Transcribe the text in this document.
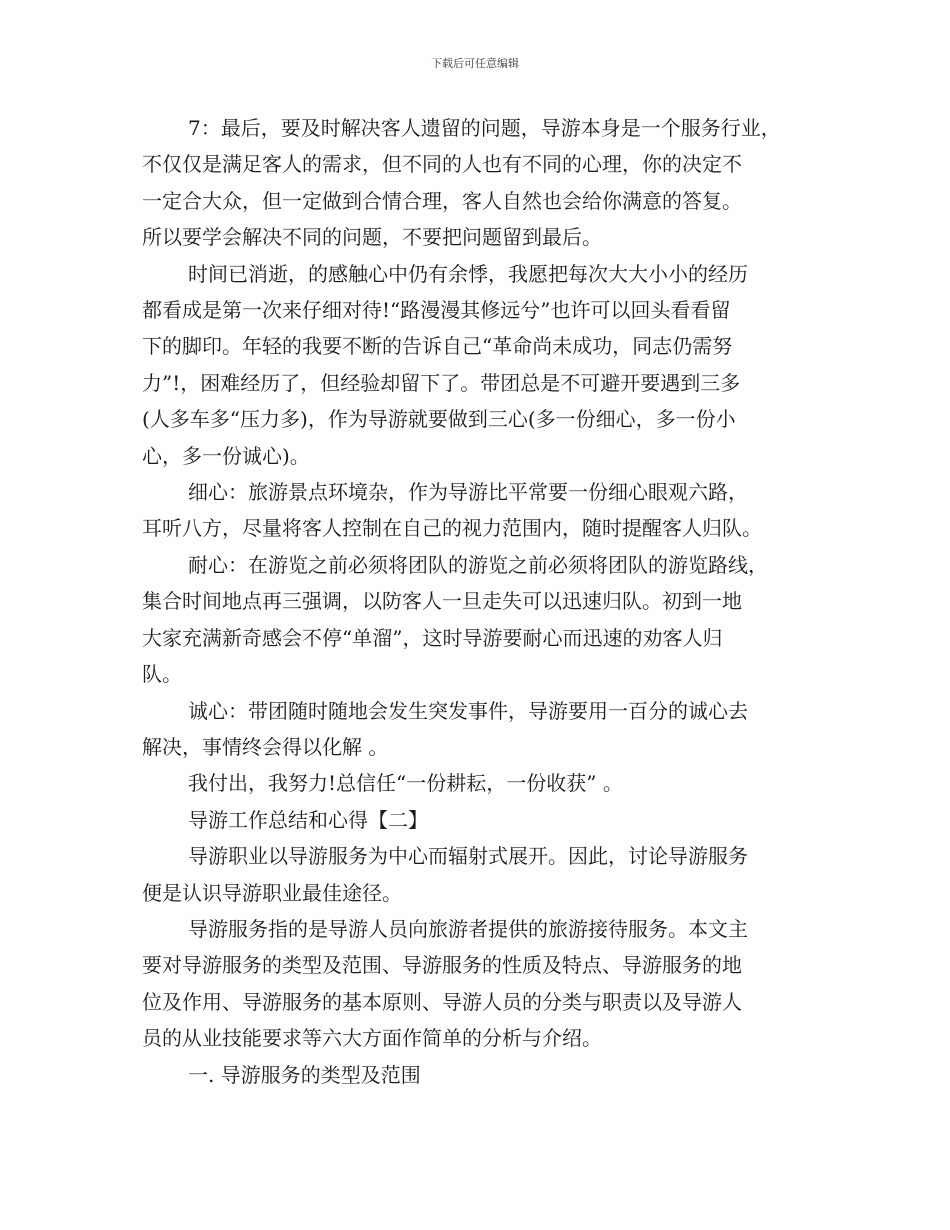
下载后可任意编辑

7：最后，要及时解决客人遗留的问题，导游本身是一个服务行业，
不仅仅是满足客人的需求，但不同的人也有不同的心理，你的决定不
一定合大众，但一定做到合情合理，客人自然也会给你满意的答复。
所以要学会解决不同的问题，不要把问题留到最后。

时间已消逝，的感触心中仍有余悸，我愿把每次大大小小的经历
都看成是第一次来仔细对待!“路漫漫其修远兮”也许可以回头看看留
下的脚印。年轻的我要不断的告诉自己“革命尚未成功，同志仍需努
力”!，困难经历了，但经验却留下了。带团总是不可避开要遇到三多
(人多车多“压力多)，作为导游就要做到三心(多一份细心，多一份小
心，多一份诚心)。

细心：旅游景点环境杂，作为导游比平常要一份细心眼观六路，
耳听八方，尽量将客人控制在自己的视力范围内，随时提醒客人归队。

耐心：在游览之前必须将团队的游览之前必须将团队的游览路线，
集合时间地点再三强调，以防客人一旦走失可以迅速归队。初到一地
大家充满新奇感会不停“单溜”，这时导游要耐心而迅速的劝客人归
队。

诚心：带团随时随地会发生突发事件，导游要用一百分的诚心去
解决，事情终会得以化解 。

我付出，我努力!总信任“一份耕耘，一份收获” 。

导游工作总结和心得【二】

导游职业以导游服务为中心而辐射式展开。因此，讨论导游服务
便是认识导游职业最佳途径。

导游服务指的是导游人员向旅游者提供的旅游接待服务。本文主
要对导游服务的类型及范围、导游服务的性质及特点、导游服务的地
位及作用、导游服务的基本原则、导游人员的分类与职责以及导游人
员的从业技能要求等六大方面作简单的分析与介绍。

一. 导游服务的类型及范围
